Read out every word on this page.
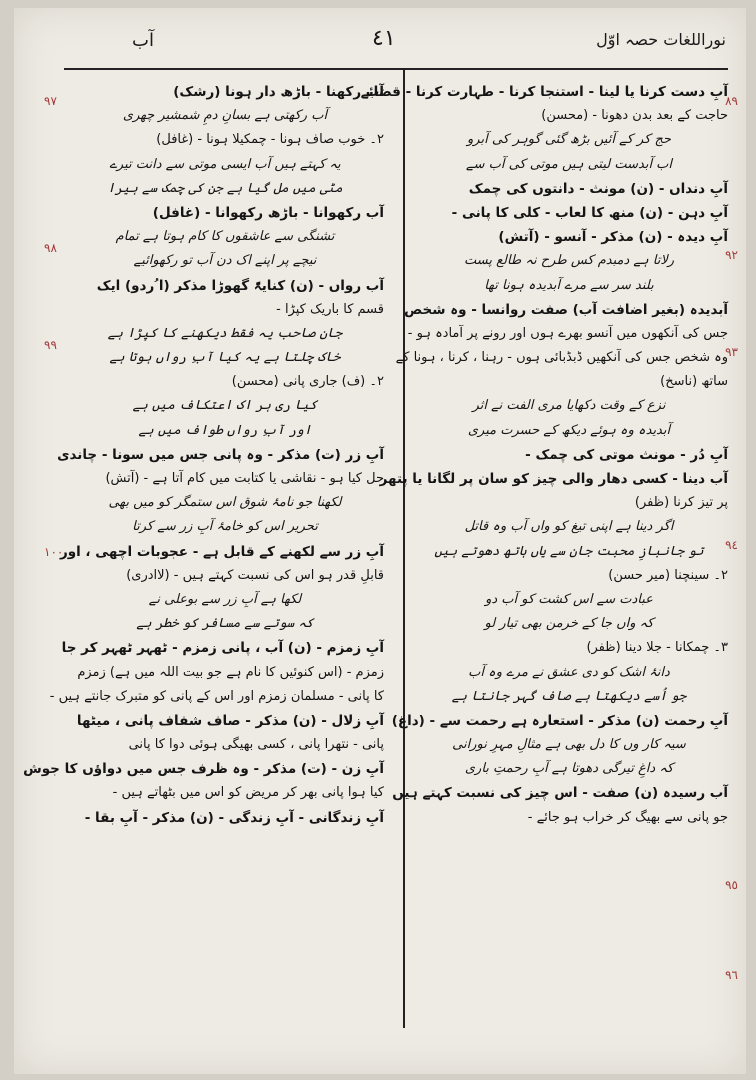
آب	٤١	نوراللغات حصہ اوّل
آب رکھنا - باڑھ دار ہونا (رشک)
آب رکھتی ہے بسانِ دمِ شمشیر چھری
۲۔ خوب صاف ہونا - چمکیلا ہونا - (غافل)
یہ کہتے ہیں آب ایسی موتی سے دانت تیرے
مٹی میں مل گیا ہے جن کی چمک سے ہیرا
آب رکھوانا - باڑھ رکھوانا - (غافل)
تشنگی سے عاشقوں کا کام ہوتا ہے تمام
نیچے پر اپنے اک دن آب تو رکھوائیے
آب رواں - (ن) کنایۃً گھوڑا مذکر (ا ُردو) ایک
قسم کا باریک کپڑا -
جان صاحب یہ فقط دیکھنے کا کپڑا ہے
خاک چلتا ہے یہ کیا آبِ رواں ہوتا ہے
۲۔ (ف) جاری پانی (محسن)
کیا ری ہر اک اعتکاف میں ہے
اور آبِ رواں طواف میں ہے
آبِ زر (ت) مذکر - وہ پانی جس میں سونا - چاندی
حل کیا ہو - نقاشی یا کتابت میں کام آتا ہے - (آتش)
لکھنا جو نامۂ شوق اس ستمگر کو میں بھی
تحریر اس کو خامۂ آبِ زر سے کرتا
آبِ زر سے لکھنے کے قابل ہے - عجوبات اچھی ، اور
قابلِ قدر ہو اس کی نسبت کہتے ہیں - (لاادری)
لکھا ہے آبِ زر سے بوعلی نے
کہ سوتے سے مسافر کو خطر ہے
آبِ زمزم - (ن) آب ، پانی زمزم - ٹھہر ٹھہر کر جا
زمزم - (اس کنوئیں کا نام ہے جو بیت اللہ میں ہے) زمزم
کا پانی - مسلمان زمزم اور اس کے پانی کو متبرک جانتے ہیں -
آبِ زلال - (ن) مذکر - صاف شفاف پانی ، میٹھا
پانی - نتھرا پانی ، کسی بھیگی ہوئی دوا کا پانی
آبِ زن - (ت) مذکر - وہ ظرف جس میں دواؤں کا جوش
کیا ہوا پانی بھر کر مریض کو اس میں بٹھاتے ہیں -
آبِ زندگانی - آبِ زندگی - (ن) مذکر - آبِ بقا -
آبِ دست کرنا یا لینا - استنجا کرنا - طہارت کرنا - قضائے
حاجت کے بعد بدن دھونا - (محسن)
حج کر کے آئیں بڑھ گئی گوہر کی آبرو
اب آبدست لیتی ہیں موتی کی آب سے
آبِ دنداں - (ن) مونث - دانتوں کی چمک
آبِ دہن - (ن) منھ کا لعاب - کلی کا پانی -
آبِ دیدہ - (ن) مذکر - آنسو - (آتش)
رلاتا ہے دمبدم کس طرح نہ طالع پست
بلند سر سے مرے آبدیدہ ہونا تھا
آبدیدہ (بغیر اضافت آب) صفت روانسا - وہ شخص
جس کی آنکھوں میں آنسو بھرے ہوں اور رونے پر آمادہ ہو -
وہ شخص جس کی آنکھیں ڈبڈبائی ہوں - رہنا ، کرنا ، ہونا کے
ساتھ (ناسخ)
نزع کے وقت دکھایا مری الفت نے اثر
آبدیدہ وہ ہوئے دیکھ کے حسرت میری
آبِ دُر - مونث موتی کی چمک -
آب دینا - کسی دھار والی چیز کو سان پر لگانا یا پتھر
پر تیز کرنا (ظفر)
اگر دینا ہے اپنی تیغ کو واں آب وہ قاتل
تو جانبازِ محبت جان سے یاں ہاتھ دھوتے ہیں
۲۔ سینچنا (میر حسن)
عبادت سے اس کشت کو آب دو
کہ واں جا کے خرمن بھی تیار لو
۳۔ چمکانا - جلا دینا (ظفر)
دانۂ اشک کو دی عشق نے مرے وہ آب
جو اُسے دیکھتا ہے صاف گہر جانتا ہے
آبِ رحمت (ن) مذکر - استعارہ ہے رحمت سے - (داغ)
سیہ کار وں کا دل بھی ہے مثالِ مہرِ نورانی
کہ داغِ تیرگی دھوتا ہے آبِ رحمتِ باری
آب رسیدہ (ن) صفت - اس چیز کی نسبت کہتے ہیں
جو پانی سے بھیگ کر خراب ہو جائے -
٩٧
٩٨
٩٩
١٠٠
٨٩
٩٢
٩٣
٩٤
٩٥
٩٦
